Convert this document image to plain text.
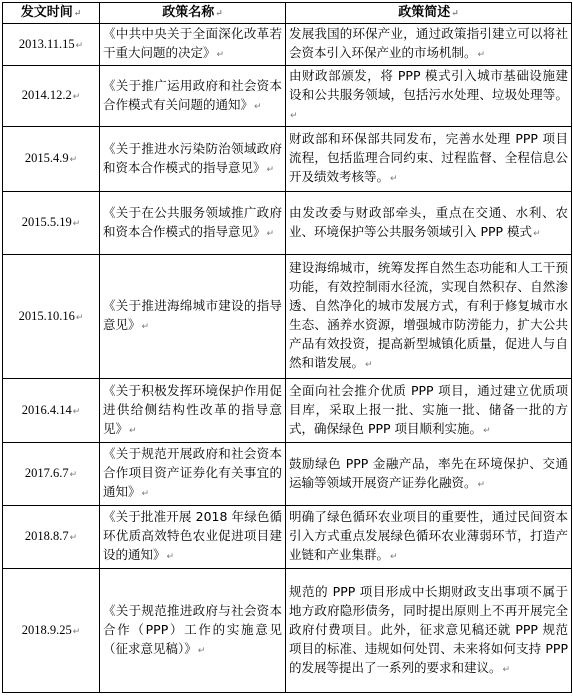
发文时间↵	政策名称↵	政策简述↵
2013.11.15↵	《中共中央关于全面深化改革若干重大问题的决定》↵	发展我国的环保产业，通过政策指引建立可以将社会资本引入环保产业的市场机制。↵
2014.12.2↵	《关于推广运用政府和社会资本合作模式有关问题的通知》↵	由财政部颁发，将 PPP 模式引入城市基础设施建设和公共服务领域，包括污水处理、垃圾处理等。↵
2015.4.9↵	《关于推进水污染防治领域政府和资本合作模式的指导意见》↵	财政部和环保部共同发布，完善水处理 PPP 项目流程，包括监理合同约束、过程监督、全程信息公开及绩效考核等。↵
2015.5.19↵	《关于在公共服务领域推广政府和资本合作模式的指导意见》↵	由发改委与财政部牵头，重点在交通、水利、农业、环境保护等公共服务领域引入 PPP 模式↵
2015.10.16↵	《关于推进海绵城市建设的指导意见》↵	建设海绵城市，统筹发挥自然生态功能和人工干预功能，有效控制雨水径流，实现自然积存、自然渗透、自然净化的城市发展方式，有利于修复城市水生态、涵养水资源，增强城市防涝能力，扩大公共产品有效投资，提高新型城镇化质量，促进人与自然和谐发展。↵
2016.4.14↵	《关于积极发挥环境保护作用促进供给侧结构性改革的指导意见》↵	全面向社会推介优质 PPP 项目，通过建立优质项目库，采取上报一批、实施一批、储备一批的方式，确保绿色 PPP 项目顺利实施。↵
2017.6.7↵	《关于规范开展政府和社会资本合作项目资产证券化有关事宜的通知》↵	鼓励绿色 PPP 金融产品，率先在环境保护、交通运输等领域开展资产证券化融资。↵
2018.8.7↵	《关于批准开展 2018 年绿色循环优质高效特色农业促进项目建设的通知》↵	明确了绿色循环农业项目的重要性，通过民间资本引入方式重点发展绿色循环农业薄弱环节，打造产业链和产业集群。↵
2018.9.25↵	《关于规范推进政府与社会资本合作（PPP）工作的实施意见（征求意见稿）》↵	规范的 PPP 项目形成中长期财政支出事项不属于地方政府隐形债务，同时提出原则上不再开展完全政府付费项目。此外，征求意见稿还就 PPP 规范项目的标准、违规如何处罚、未来将如何支持 PPP 的发展等提出了一系列的要求和建议。↵
